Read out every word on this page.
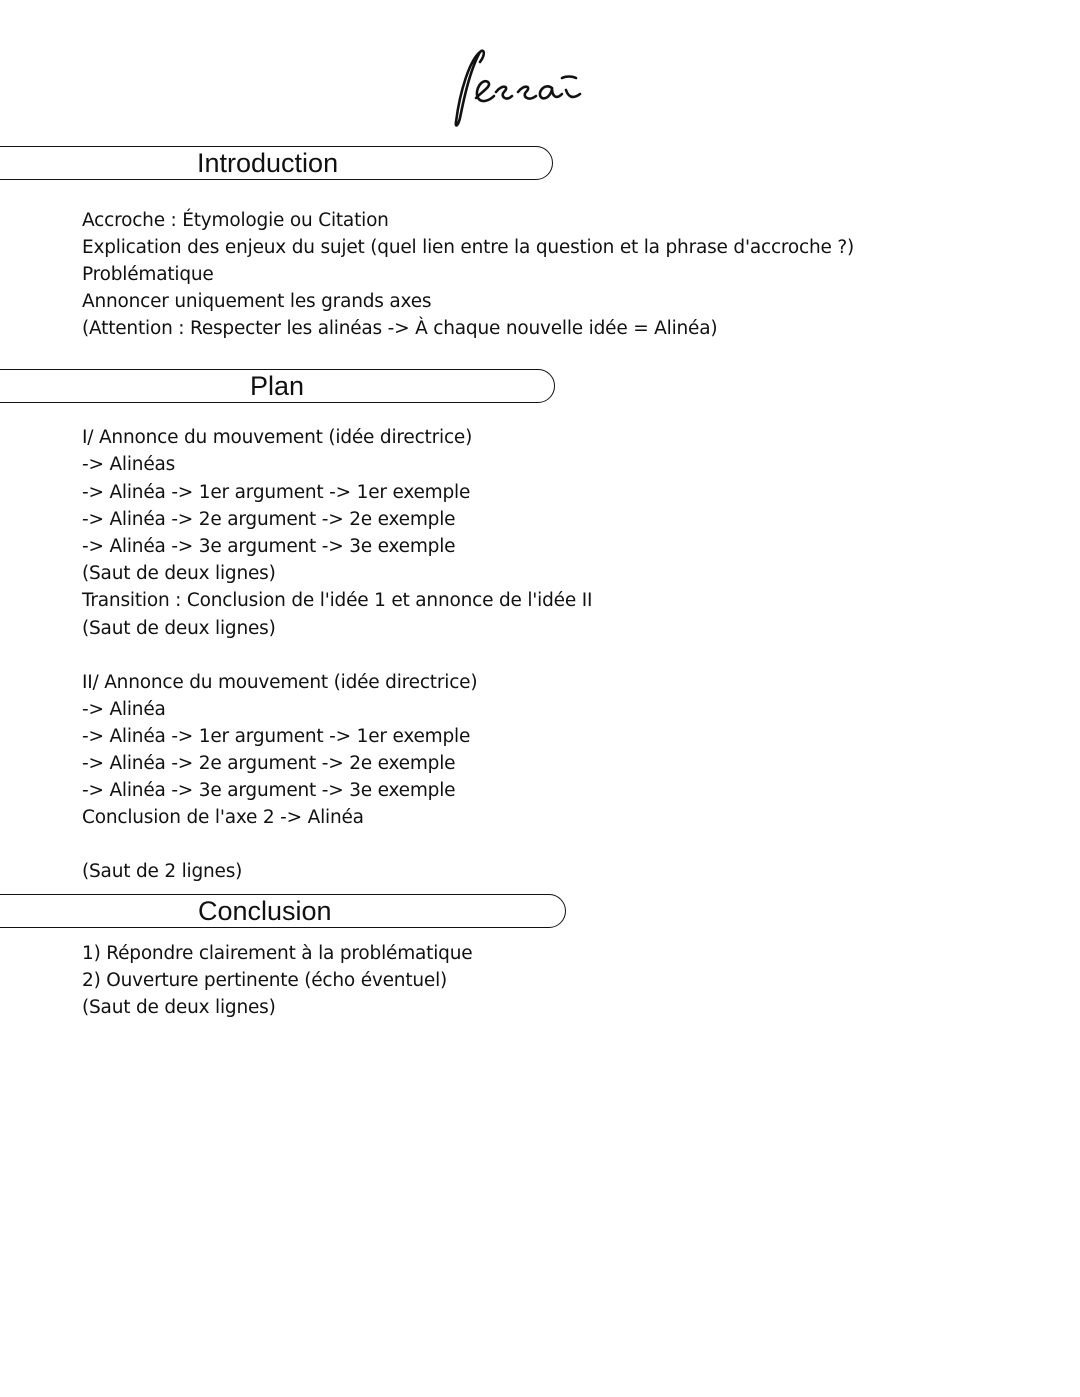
Introduction
Accroche : Étymologie ou Citation
Explication des enjeux du sujet (quel lien entre la question et la phrase d'accroche ?)
Problématique
Annoncer uniquement les grands axes
(Attention : Respecter les alinéas -> À chaque nouvelle idée = Alinéa)
Plan
I/ Annonce du mouvement (idée directrice)
-> Alinéas
-> Alinéa -> 1er argument -> 1er exemple
-> Alinéa -> 2e argument -> 2e exemple
-> Alinéa -> 3e argument -> 3e exemple
(Saut de deux lignes)
Transition : Conclusion de l'idée 1 et annonce de l'idée II
(Saut de deux lignes)
II/ Annonce du mouvement (idée directrice)
-> Alinéa
-> Alinéa -> 1er argument -> 1er exemple
-> Alinéa -> 2e argument -> 2e exemple
-> Alinéa -> 3e argument -> 3e exemple
Conclusion de l'axe 2 -> Alinéa
(Saut de 2 lignes)
Conclusion
1) Répondre clairement à la problématique
2) Ouverture pertinente (écho éventuel)
(Saut de deux lignes)
